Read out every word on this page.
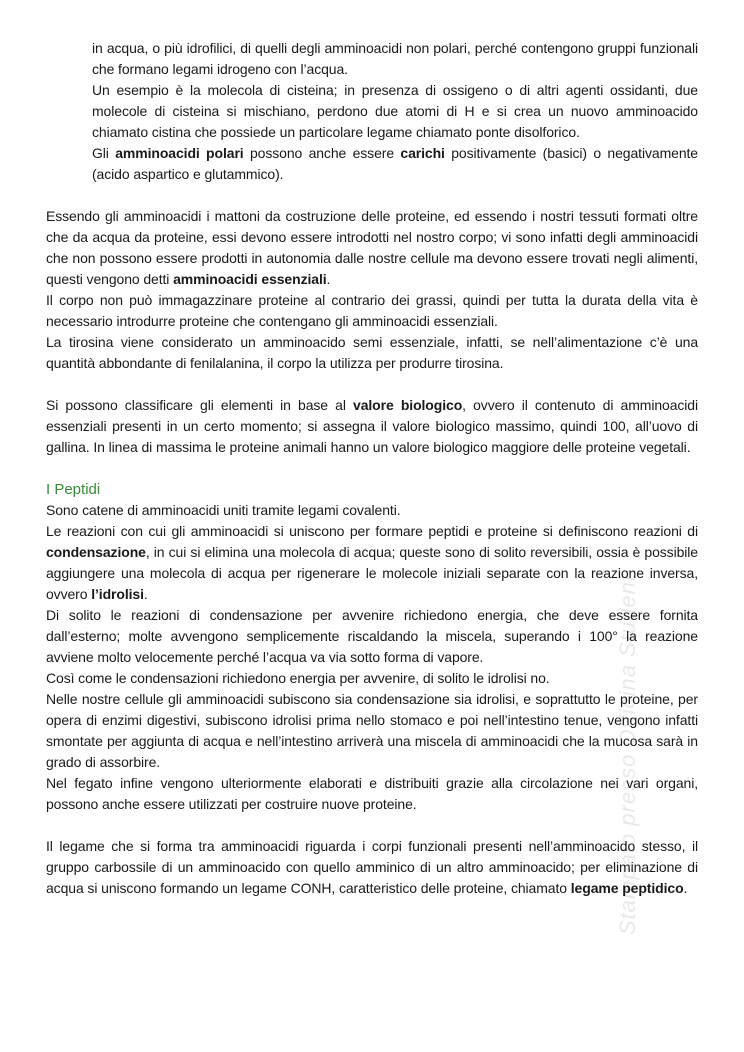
in acqua, o più idrofilici, di quelli degli amminoacidi non polari, perché contengono gruppi funzionali che formano legami idrogeno con l’acqua.

Un esempio è la molecola di cisteina; in presenza di ossigeno o di altri agenti ossidanti, due molecole di cisteina si mischiano, perdono due atomi di H e si crea un nuovo amminoacido chiamato cistina che possiede un particolare legame chiamato ponte disolforico.

Gli amminoacidi polari possono anche essere carichi positivamente (basici) o negativamente (acido aspartico e glutammico).

Essendo gli amminoacidi i mattoni da costruzione delle proteine, ed essendo i nostri tessuti formati oltre che da acqua da proteine, essi devono essere introdotti nel nostro corpo; vi sono infatti degli amminoacidi che non possono essere prodotti in autonomia dalle nostre cellule ma devono essere trovati negli alimenti, questi vengono detti amminoacidi essenziali.

Il corpo non può immagazzinare proteine al contrario dei grassi, quindi per tutta la durata della vita è necessario introdurre proteine che contengano gli amminoacidi essenziali.

La tirosina viene considerato un amminoacido semi essenziale, infatti, se nell’alimentazione c’è una quantità abbondante di fenilalanina, il corpo la utilizza per produrre tirosina.

Si possono classificare gli elementi in base al valore biologico, ovvero il contenuto di amminoacidi essenziali presenti in un certo momento; si assegna il valore biologico massimo, quindi 100, all’uovo di gallina. In linea di massima le proteine animali hanno un valore biologico maggiore delle proteine vegetali.

I Peptidi

Sono catene di amminoacidi uniti tramite legami covalenti.

Le reazioni con cui gli amminoacidi si uniscono per formare peptidi e proteine si definiscono reazioni di condensazione, in cui si elimina una molecola di acqua; queste sono di solito reversibili, ossia è possibile aggiungere una molecola di acqua per rigenerare le molecole iniziali separate con la reazione inversa, ovvero l’idrolisi.

Di solito le reazioni di condensazione per avvenire richiedono energia, che deve essere fornita dall’esterno; molte avvengono semplicemente riscaldando la miscela, superando i 100° la reazione avviene molto velocemente perché l’acqua va via sotto forma di vapore.

Così come le condensazioni richiedono energia per avvenire, di solito le idrolisi no.

Nelle nostre cellule gli amminoacidi subiscono sia condensazione sia idrolisi, e soprattutto le proteine, per opera di enzimi digestivi, subiscono idrolisi prima nello stomaco e poi nell’intestino tenue, vengono infatti smontate per aggiunta di acqua e nell’intestino arriverà una miscela di amminoacidi che la mucosa sarà in grado di assorbire.

Nel fegato infine vengono ulteriormente elaborati e distribuiti grazie alla circolazione nei vari organi, possono anche essere utilizzati per costruire nuove proteine.

Il legame che si forma tra amminoacidi riguarda i corpi funzionali presenti nell’amminoacido stesso, il gruppo carbossile di un amminoacido con quello amminico di un altro amminoacido; per eliminazione di acqua si uniscono formando un legame CONH, caratteristico delle proteine, chiamato legame peptidico.

Stampato presso Officina Studenti
